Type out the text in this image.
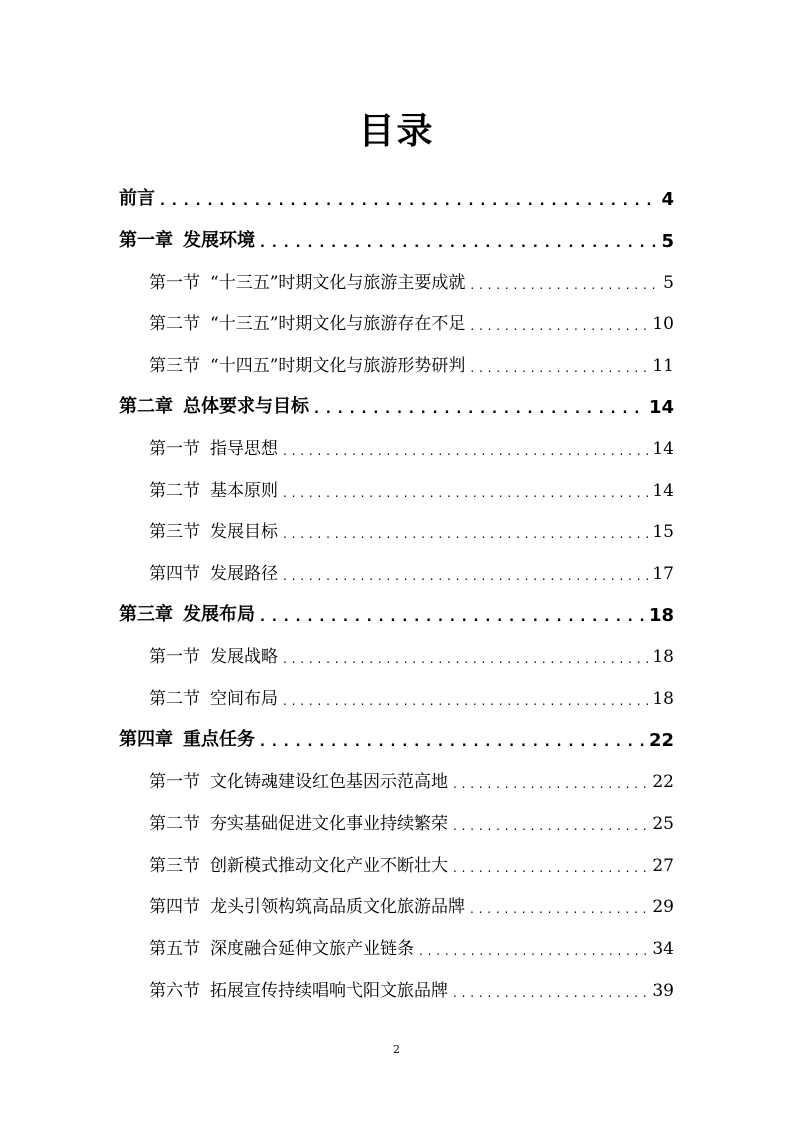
目录
前言 . . .	4
第一章 发展环境 . . .	5
第一节 “十三五”时期文化与旅游主要成就 . . .	5
第二节 “十三五”时期文化与旅游存在不足 . . .	10
第三节 “十四五”时期文化与旅游形势研判 . . .	11
第二章 总体要求与目标 . . .	14
第一节 指导思想 . . .	14
第二节 基本原则 . . .	14
第三节 发展目标 . . .	15
第四节 发展路径 . . .	17
第三章 发展布局 . . .	18
第一节 发展战略 . . .	18
第二节 空间布局 . . .	18
第四章 重点任务 . . .	22
第一节 文化铸魂建设红色基因示范高地 . . .	22
第二节 夯实基础促进文化事业持续繁荣 . . .	25
第三节 创新模式推动文化产业不断壮大 . . .	27
第四节 龙头引领构筑高品质文化旅游品牌 . . .	29
第五节 深度融合延伸文旅产业链条 . . .	34
第六节 拓展宣传持续唱响弋阳文旅品牌 . . .	39
2
